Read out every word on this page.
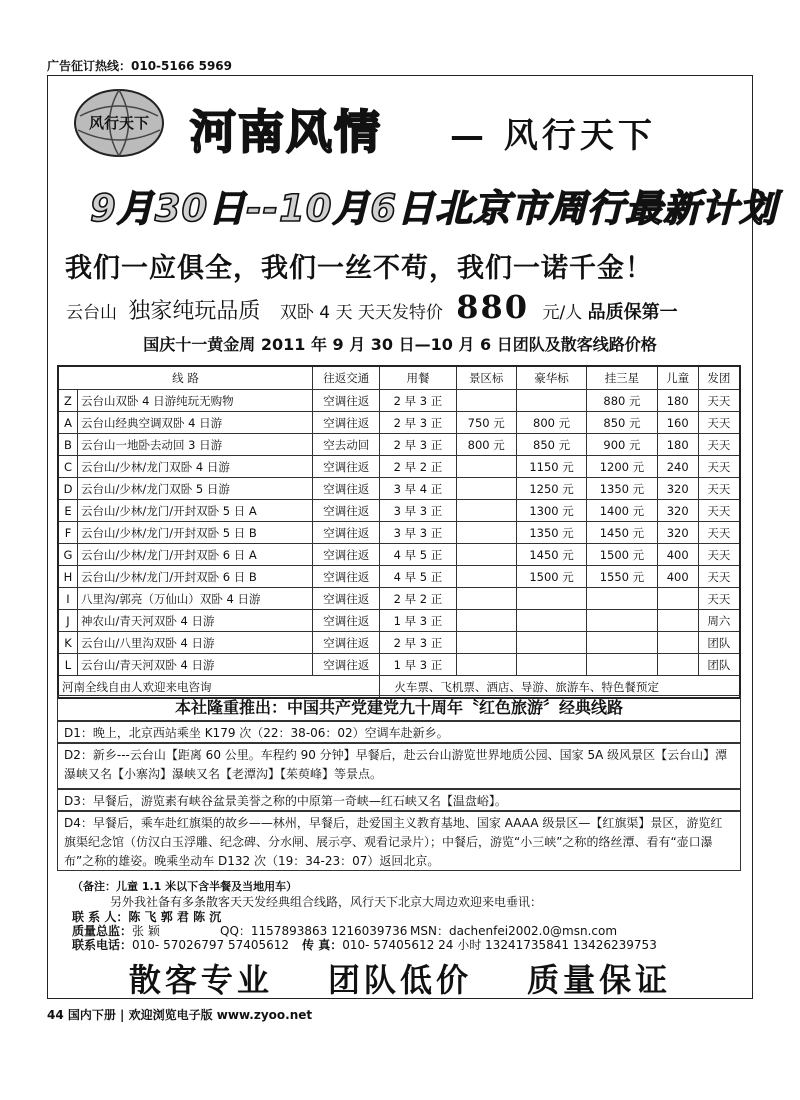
广告征订热线：010-5166 5969
风行天下 河南风情 — 风行天下
9月30日--10月6日北京市周行最新计划
我们一应俱全，我们一丝不苟，我们一诺千金！
云台山 独家纯玩品质 双卧 4 天 天天发特价 880 元/人 品质保第一
国庆十一黄金周 2011 年 9 月 30 日—10 月 6 日团队及散客线路价格
线 路		往返交通	用餐	景区标	豪华标	挂三星	儿童	发团
Z	云台山双卧 4 日游纯玩无购物	空调往返	2 早 3 正			880 元	180	天天
A	云台山经典空调双卧 4 日游	空调往返	2 早 3 正	750 元	800 元	850 元	160	天天
B	云台山一地卧去动回 3 日游	空去动回	2 早 3 正	800 元	850 元	900 元	180	天天
C	云台山/少林/龙门双卧 4 日游	空调往返	2 早 2 正		1150 元	1200 元	240	天天
D	云台山/少林/龙门双卧 5 日游	空调往返	3 早 4 正		1250 元	1350 元	320	天天
E	云台山/少林/龙门/开封双卧 5 日 A	空调往返	3 早 3 正		1300 元	1400 元	320	天天
F	云台山/少林/龙门/开封双卧 5 日 B	空调往返	3 早 3 正		1350 元	1450 元	320	天天
G	云台山/少林/龙门/开封双卧 6 日 A	空调往返	4 早 5 正		1450 元	1500 元	400	天天
H	云台山/少林/龙门/开封双卧 6 日 B	空调往返	4 早 5 正		1500 元	1550 元	400	天天
I	八里沟/郭亮（万仙山）双卧 4 日游	空调往返	2 早 2 正					天天
J	神农山/青天河双卧 4 日游	空调往返	1 早 3 正					周六
K	云台山/八里沟双卧 4 日游	空调往返	2 早 3 正					团队
L	云台山/青天河双卧 4 日游	空调往返	1 早 3 正					团队
河南全线自由人欢迎来电咨询			火车票、飞机票、酒店、导游、旅游车、特色餐预定					
本社隆重推出：中国共产党建党九十周年〝红色旅游〞经典线路
D1：晚上，北京西站乘坐 K179 次（22：38-06：02）空调车赴新乡。
D2：新乡---云台山【距离 60 公里。车程约 90 分钟】早餐后，赴云台山游览世界地质公园、国家 5A 级风景区【云台山】潭瀑峡又名【小寨沟】瀑峡又名【老潭沟】【茱萸峰】等景点。
D3：早餐后，游览素有峡谷盆景美誉之称的中原第一奇峡—红石峡又名【温盘峪】。
D4：早餐后，乘车赴红旗渠的故乡——林州，早餐后，赴爱国主义教育基地、国家 AAAA 级景区—【红旗渠】景区，游览红旗渠纪念馆（仿汉白玉浮雕、纪念碑、分水闸、展示亭、观看记录片）；中餐后，游览“小三峡”之称的络丝潭、看有“壶口瀑布”之称的雄姿。晚乘坐动车 D132 次（19：34-23：07）返回北京。
（备注：儿童 1.1 米以下含半餐及当地用车）
另外我社备有多条散客天天发经典组合线路，风行天下北京大周边欢迎来电垂讯：
联 系 人：陈 飞 郭 君 陈 沉
质量总监：张 颖	QQ：1157893863 1216039736 MSN：dachenfei2002.0@msn.com
联系电话：010- 57026797 57405612 传 真：010- 57405612 24 小时 13241735841 13426239753
散客专业 团队低价 质量保证
44 国内下册 | 欢迎浏览电子版 www.zyoo.net
